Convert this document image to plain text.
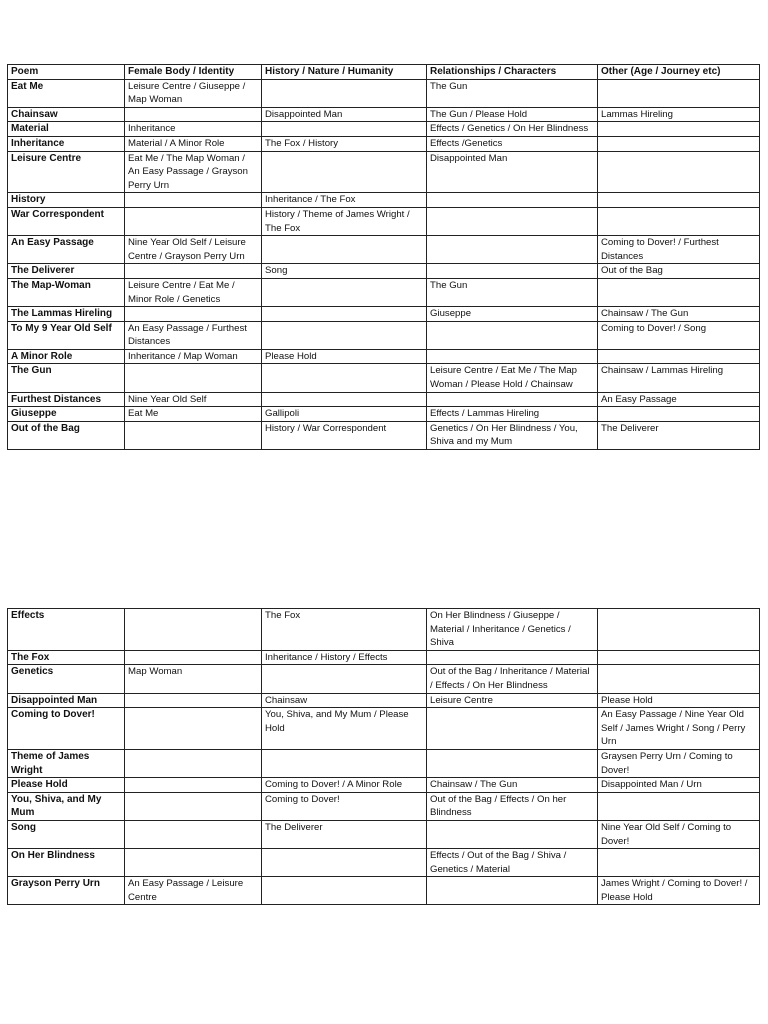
Poem	Female Body / Identity	History / Nature / Humanity	Relationships / Characters	Other (Age / Journey etc)
Eat Me	Leisure Centre / Giuseppe / Map Woman		The Gun	
Chainsaw		Disappointed Man	The Gun / Please Hold	Lammas Hireling
Material	Inheritance		Effects / Genetics / On Her Blindness	
Inheritance	Material / A Minor Role	The Fox / History	Effects /Genetics	
Leisure Centre	Eat Me / The Map Woman / An Easy Passage / Grayson Perry Urn		Disappointed Man	
History		Inheritance / The Fox		
War Correspondent		History / Theme of James Wright / The Fox		
An Easy Passage	Nine Year Old Self / Leisure Centre / Grayson Perry Urn			Coming to Dover! / Furthest Distances
The Deliverer		Song		Out of the Bag
The Map-Woman	Leisure Centre / Eat Me / Minor Role / Genetics		The Gun	
The Lammas Hireling			Giuseppe	Chainsaw / The Gun
To My 9 Year Old Self	An Easy Passage / Furthest Distances			Coming to Dover! / Song
A Minor Role	Inheritance / Map Woman	Please Hold		
The Gun			Leisure Centre / Eat Me / The Map Woman / Please Hold / Chainsaw	Chainsaw / Lammas Hireling
Furthest Distances	Nine Year Old Self			An Easy Passage
Giuseppe	Eat Me	Gallipoli	Effects / Lammas Hireling	
Out of the Bag		History / War Correspondent	Genetics / On Her Blindness / You, Shiva and my Mum	The Deliverer
Effects		The Fox	On Her Blindness / Giuseppe / Material / Inheritance / Genetics / Shiva	
The Fox		Inheritance / History / Effects		
Genetics	Map Woman		Out of the Bag / Inheritance / Material / Effects / On Her Blindness	
Disappointed Man		Chainsaw	Leisure Centre	Please Hold
Coming to Dover!		You, Shiva, and My Mum / Please Hold		An Easy Passage / Nine Year Old Self / James Wright / Song / Perry Urn
Theme of James Wright				Graysen Perry Urn / Coming to Dover!
Please Hold		Coming to Dover! / A Minor Role	Chainsaw / The Gun	Disappointed Man / Urn
You, Shiva, and My Mum		Coming to Dover!	Out of the Bag / Effects / On her Blindness	
Song		The Deliverer		Nine Year Old Self / Coming to Dover!
On Her Blindness			Effects / Out of the Bag / Shiva / Genetics / Material	
Grayson Perry Urn	An Easy Passage / Leisure Centre			James Wright / Coming to Dover! / Please Hold
